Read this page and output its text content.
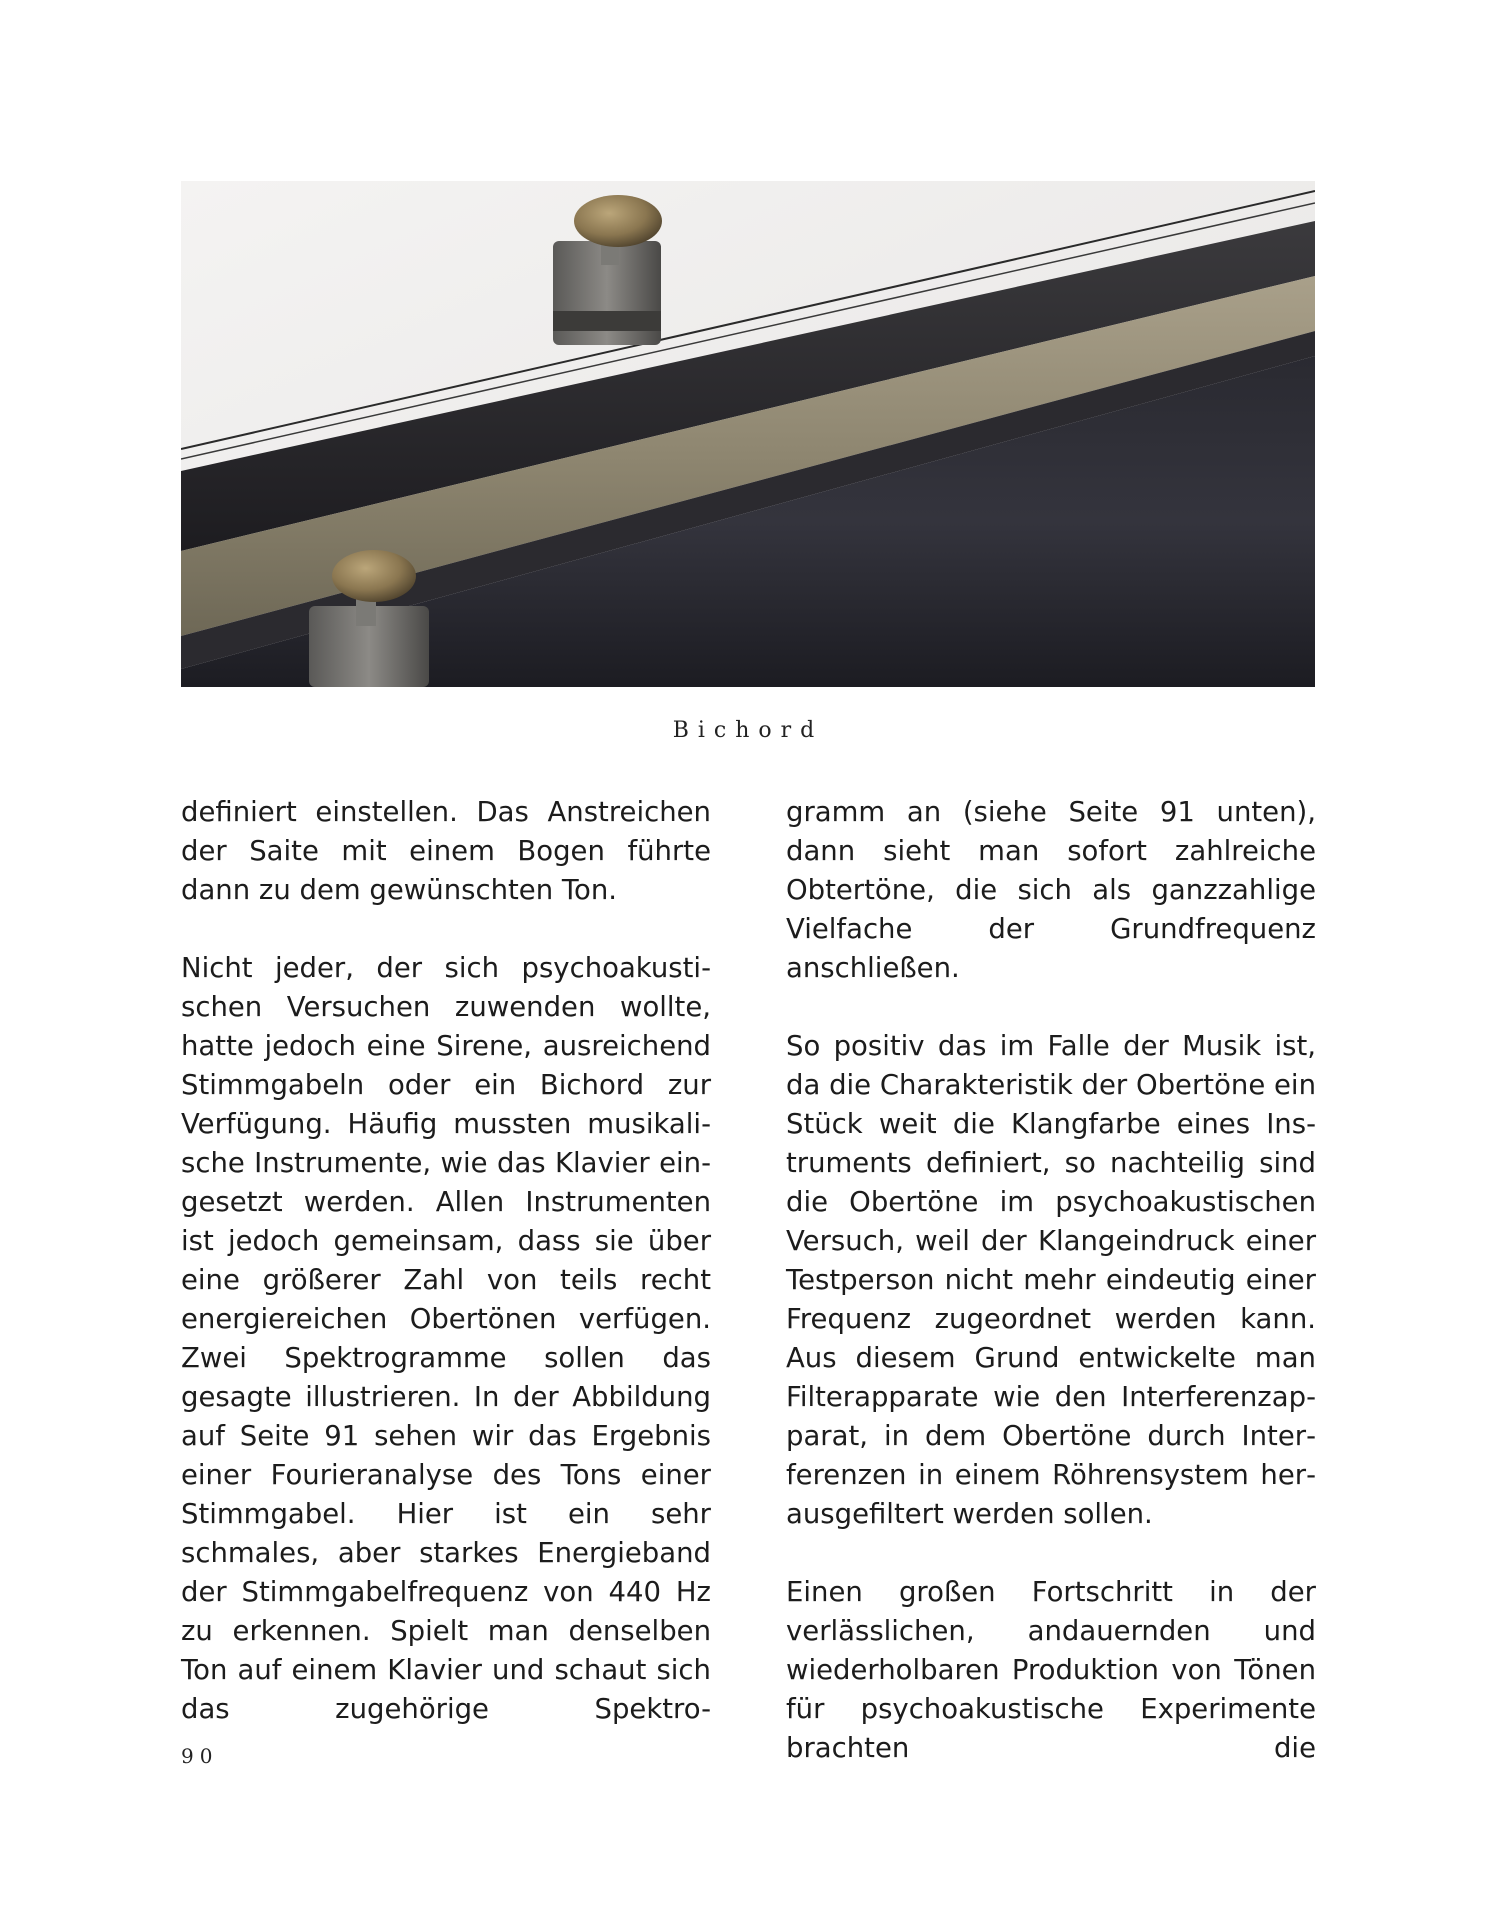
Bichord

definiert einstellen. Das Anstreichen der Saite mit einem Bogen führte dann zu dem gewünschten Ton.

Nicht jeder, der sich psychoakustischen Versuchen zuwenden wollte, hatte jedoch eine Sirene, ausreichend Stimmgabeln oder ein Bichord zur Verfügung. Häufig mussten musikalische Instrumente, wie das Klavier eingesetzt werden. Allen Instrumenten ist jedoch gemeinsam, dass sie über eine größerer Zahl von teils recht energiereichen Obertönen verfügen. Zwei Spektrogramme sollen das gesagte illustrieren. In der Abbildung auf Seite 91 sehen wir das Ergebnis einer Fourieranalyse des Tons einer Stimmgabel. Hier ist ein sehr schmales, aber starkes Energieband der Stimmgabelfrequenz von 440 Hz zu erkennen. Spielt man denselben Ton auf einem Klavier und schaut sich das zugehörige Spektro-

gramm an (siehe Seite 91 unten), dann sieht man sofort zahlreiche Obtertöne, die sich als ganzzahlige Vielfache der Grundfrequenz anschließen.

So positiv das im Falle der Musik ist, da die Charakteristik der Obertöne ein Stück weit die Klangfarbe eines Instruments definiert, so nachteilig sind die Obertöne im psychoakustischen Versuch, weil der Klangeindruck einer Testperson nicht mehr eindeutig einer Frequenz zugeordnet werden kann. Aus diesem Grund entwickelte man Filterapparate wie den Interferenzapparat, in dem Obertöne durch Interferenzen in einem Röhrensystem herausgefiltert werden sollen.

Einen großen Fortschritt in der verlässlichen, andauernden und wiederholbaren Produktion von Tönen für psychoakustische Experimente brachten die

90
